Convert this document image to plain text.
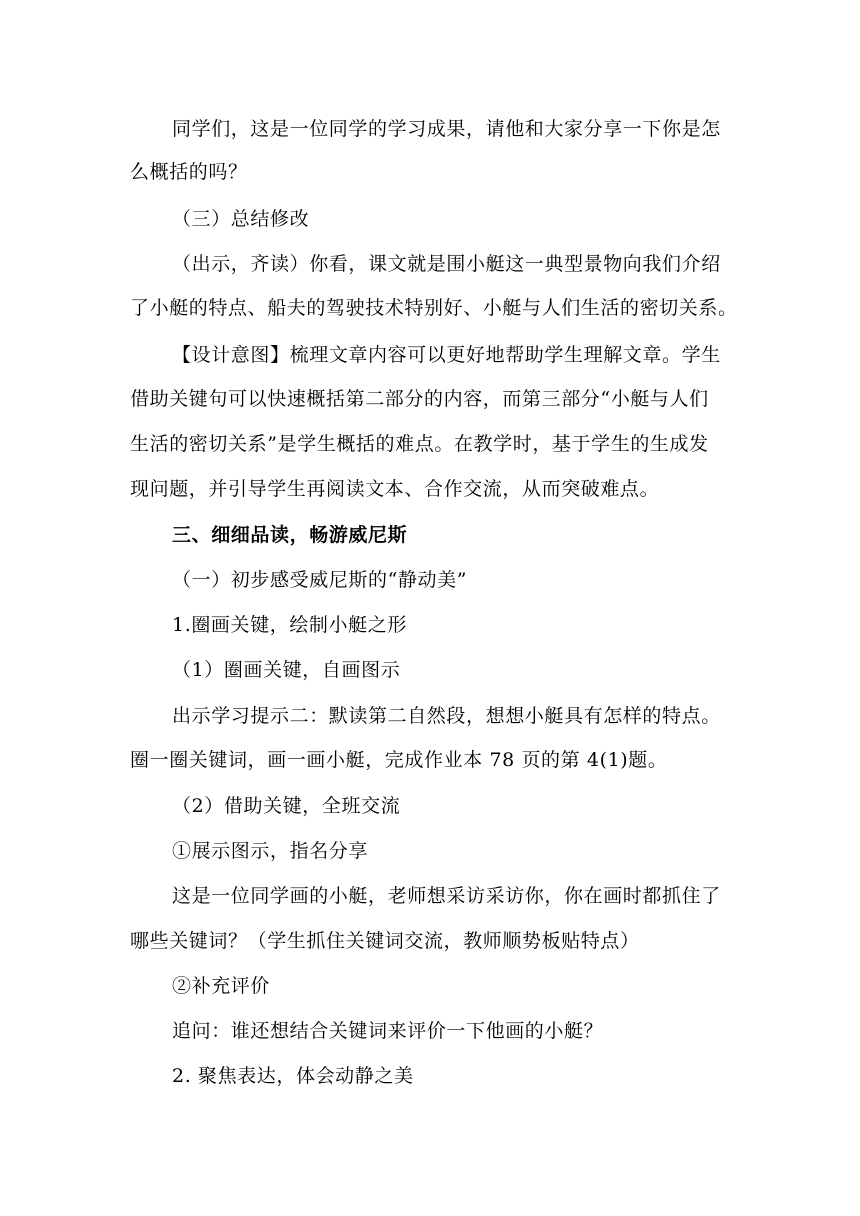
同学们，这是一位同学的学习成果，请他和大家分享一下你是怎
么概括的吗？
（三）总结修改
（出示，齐读）你看，课文就是围小艇这一典型景物向我们介绍
了小艇的特点、船夫的驾驶技术特别好、小艇与人们生活的密切关系。
【设计意图】梳理文章内容可以更好地帮助学生理解文章。学生
借助关键句可以快速概括第二部分的内容，而第三部分“小艇与人们
生活的密切关系”是学生概括的难点。在教学时，基于学生的生成发
现问题，并引导学生再阅读文本、合作交流，从而突破难点。
三、细细品读，畅游威尼斯
（一）初步感受威尼斯的“静动美”
1.圈画关键，绘制小艇之形
（1）圈画关键，自画图示
出示学习提示二：默读第二自然段，想想小艇具有怎样的特点。
圈一圈关键词，画一画小艇，完成作业本 78 页的第 4(1)题。
（2）借助关键，全班交流
①展示图示，指名分享
这是一位同学画的小艇，老师想采访采访你，你在画时都抓住了
哪些关键词？（学生抓住关键词交流，教师顺势板贴特点）
②补充评价
追问：谁还想结合关键词来评价一下他画的小艇？
2. 聚焦表达，体会动静之美
